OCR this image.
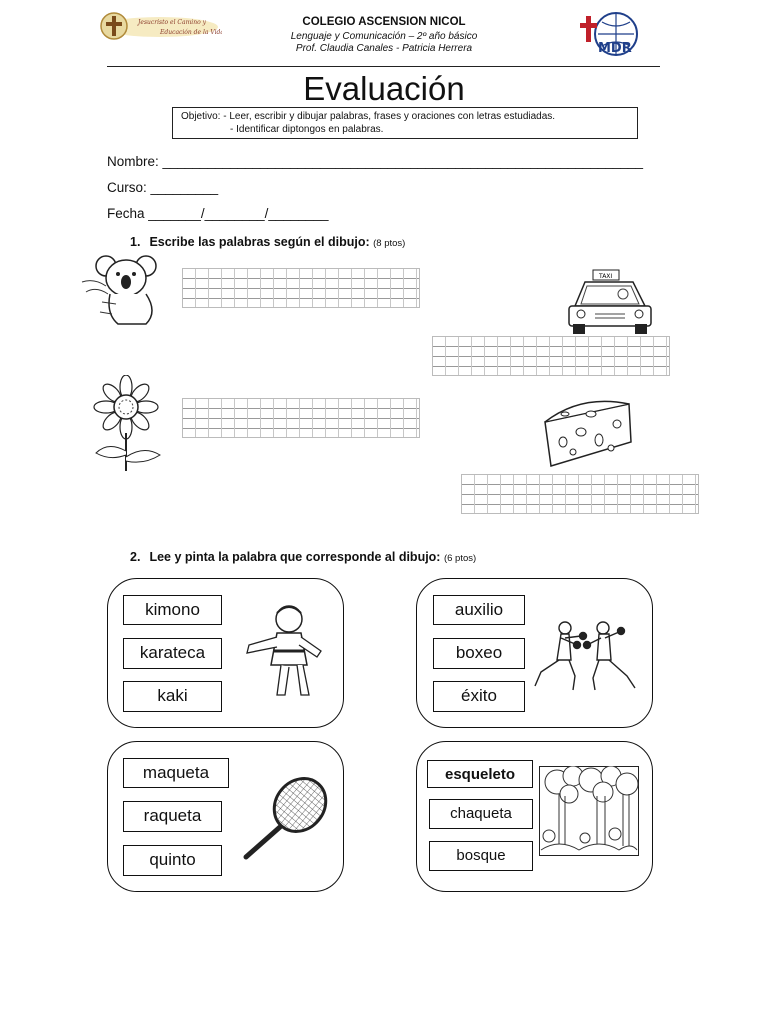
Jesucristo el Camino y
Educación de la Vida
COLEGIO ASCENSION NICOL
Lenguaje y Comunicación – 2º año básico
Prof. Claudia Canales - Patricia Herrera	MDR
Evaluación
Objetivo: - Leer, escribir y dibujar palabras, frases y oraciones con letras estudiadas.
- Identificar diptongos en palabras.
Nombre: ________________________________________________________________
Curso: _________
Fecha _______/________/________
1. Escribe las palabras según el dibujo: (8 ptos)
TAXI
2. Lee y pinta la palabra que corresponde al dibujo: (6 ptos)
kimono
karateca
kaki
auxilio
boxeo
éxito
maqueta
raqueta
quinto
esqueleto
chaqueta
bosque
